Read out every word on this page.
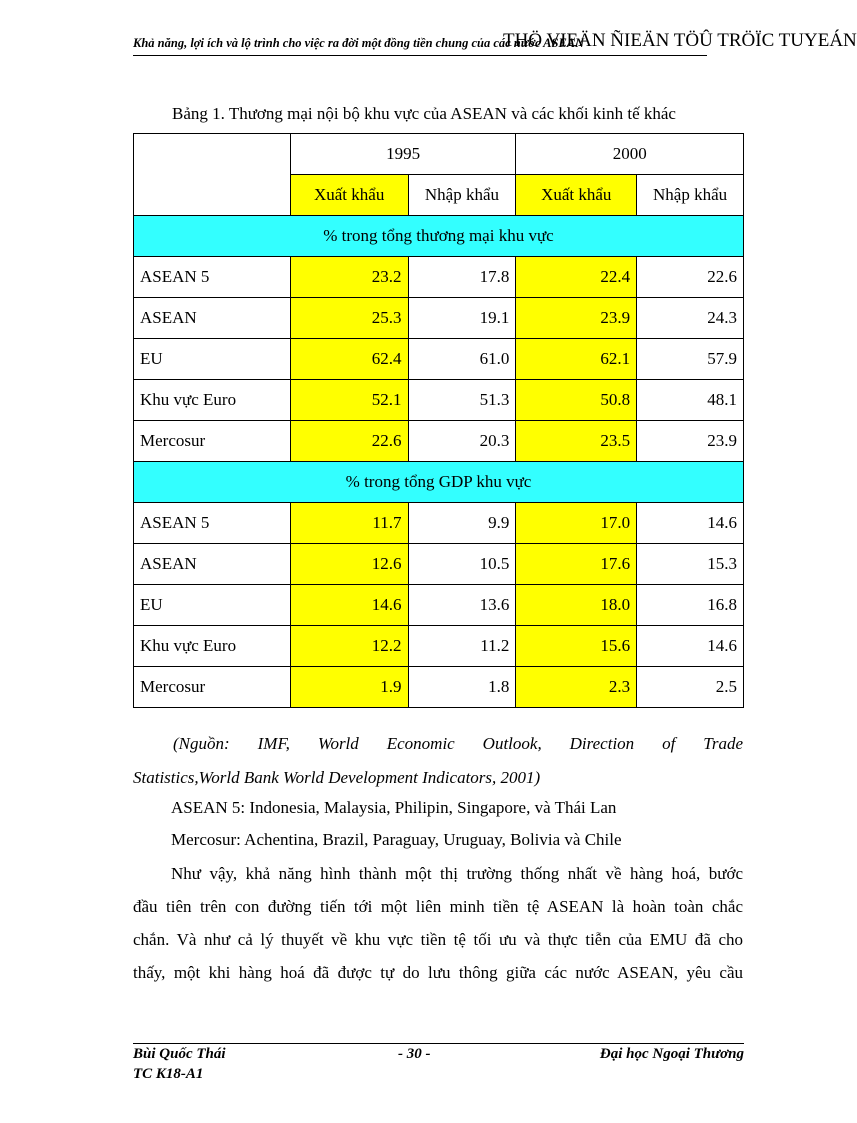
Khả năng, lợi ích và lộ trình cho việc ra đời một đồng tiền chung của các nước ASEAN
THÖ VIEÄN ÑIEÄN TÖÛ TRÖÏC TUYEÁN
Bảng 1. Thương mại nội bộ khu vực của ASEAN và các khối kinh tế khác
	1995		2000	
	Xuất khẩu	Nhập khẩu	Xuất khẩu	Nhập khẩu
% trong tổng thương mại khu vực				
ASEAN 5	23.2	17.8	22.4	22.6
ASEAN	25.3	19.1	23.9	24.3
EU	62.4	61.0	62.1	57.9
Khu vực Euro	52.1	51.3	50.8	48.1
Mercosur	22.6	20.3	23.5	23.9
% trong tổng GDP khu vực				
ASEAN 5	11.7	9.9	17.0	14.6
ASEAN	12.6	10.5	17.6	15.3
EU	14.6	13.6	18.0	16.8
Khu vực Euro	12.2	11.2	15.6	14.6
Mercosur	1.9	1.8	2.3	2.5
(Nguồn: IMF, World Economic Outlook, Direction of Trade
Statistics,World Bank World Development Indicators, 2001)
ASEAN 5: Indonesia, Malaysia, Philipin, Singapore, và Thái Lan
Mercosur: Achentina, Brazil, Paraguay, Uruguay, Bolivia và Chile
Như vậy, khả năng hình thành một thị trường thống nhất về hàng hoá, bước
đầu tiên trên con đường tiến tới một liên minh tiền tệ ASEAN là hoàn toàn chắc
chắn. Và như cả lý thuyết về khu vực tiền tệ tối ưu và thực tiễn của EMU đã cho
thấy, một khi hàng hoá đã được tự do lưu thông giữa các nước ASEAN, yêu cầu
Bùi Quốc Thái
TC K18-A1
- 30 -	Đại học Ngoại Thương
